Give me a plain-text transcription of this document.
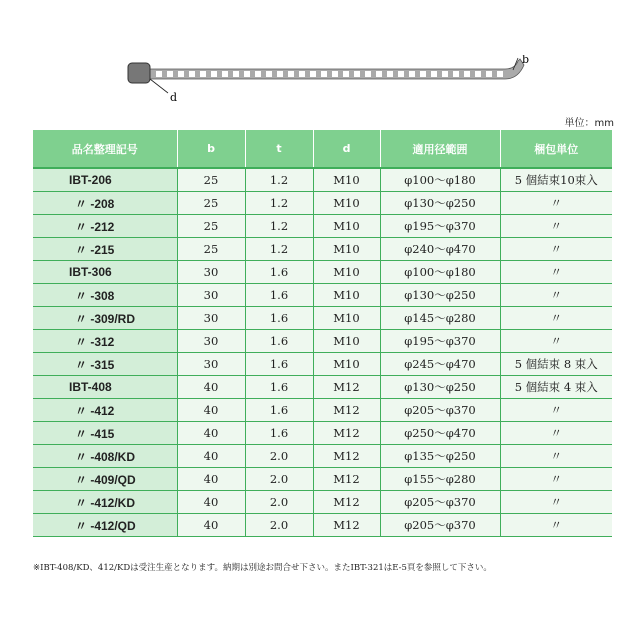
d
b
単位：mm
品名整理記号	b	t	d	適用径範囲	梱包単位
IBT-206	25	1.2	M10	φ100～φ180	5 個結束10束入
〃 -208	25	1.2	M10	φ130～φ250	〃
〃 -212	25	1.2	M10	φ195～φ370	〃
〃 -215	25	1.2	M10	φ240～φ470	〃
IBT-306	30	1.6	M10	φ100～φ180	〃
〃 -308	30	1.6	M10	φ130～φ250	〃
〃 -309/RD	30	1.6	M10	φ145～φ280	〃
〃 -312	30	1.6	M10	φ195～φ370	〃
〃 -315	30	1.6	M10	φ245～φ470	5 個結束 8 束入
IBT-408	40	1.6	M12	φ130～φ250	5 個結束 4 束入
〃 -412	40	1.6	M12	φ205～φ370	〃
〃 -415	40	1.6	M12	φ250～φ470	〃
〃 -408/KD	40	2.0	M12	φ135～φ250	〃
〃 -409/QD	40	2.0	M12	φ155～φ280	〃
〃 -412/KD	40	2.0	M12	φ205～φ370	〃
〃 -412/QD	40	2.0	M12	φ205～φ370	〃
※IBT-408/KD、412/KDは受注生産となります。納期は別途お問合せ下さい。またIBT-321はE-5頁を参照して下さい。
